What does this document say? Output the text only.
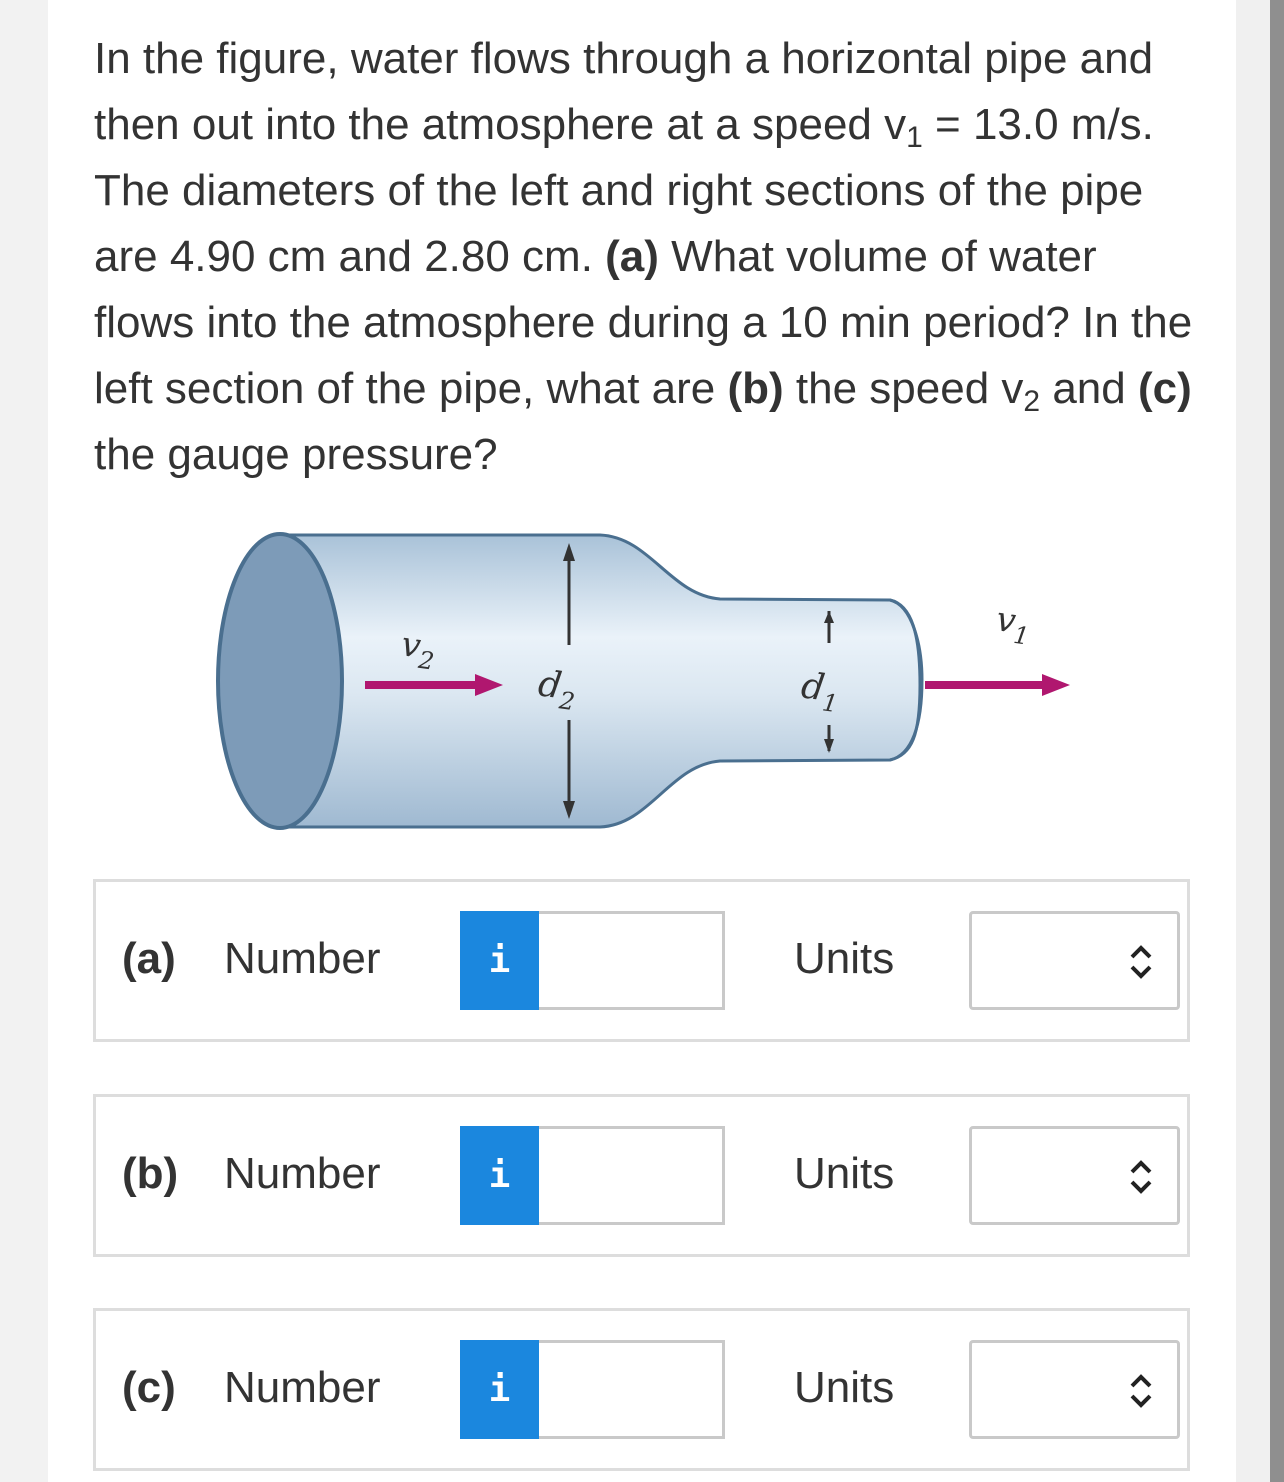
In the figure, water flows through a horizontal pipe and then out into the atmosphere at a speed $v_1 = 13.0$ m/s. The diameters of the left and right sections of the pipe are 4.90 cm and 2.80 cm. (a) What volume of water flows into the atmosphere during a 10 min period? In the left section of the pipe, what are (b) the speed $v_2$ and (c) the gauge pressure?

$v_2$
$d_2$	$d_1$
$v_1$
(a) Number	i	Units
(b) Number	i	Units
(c) Number	i	Units
